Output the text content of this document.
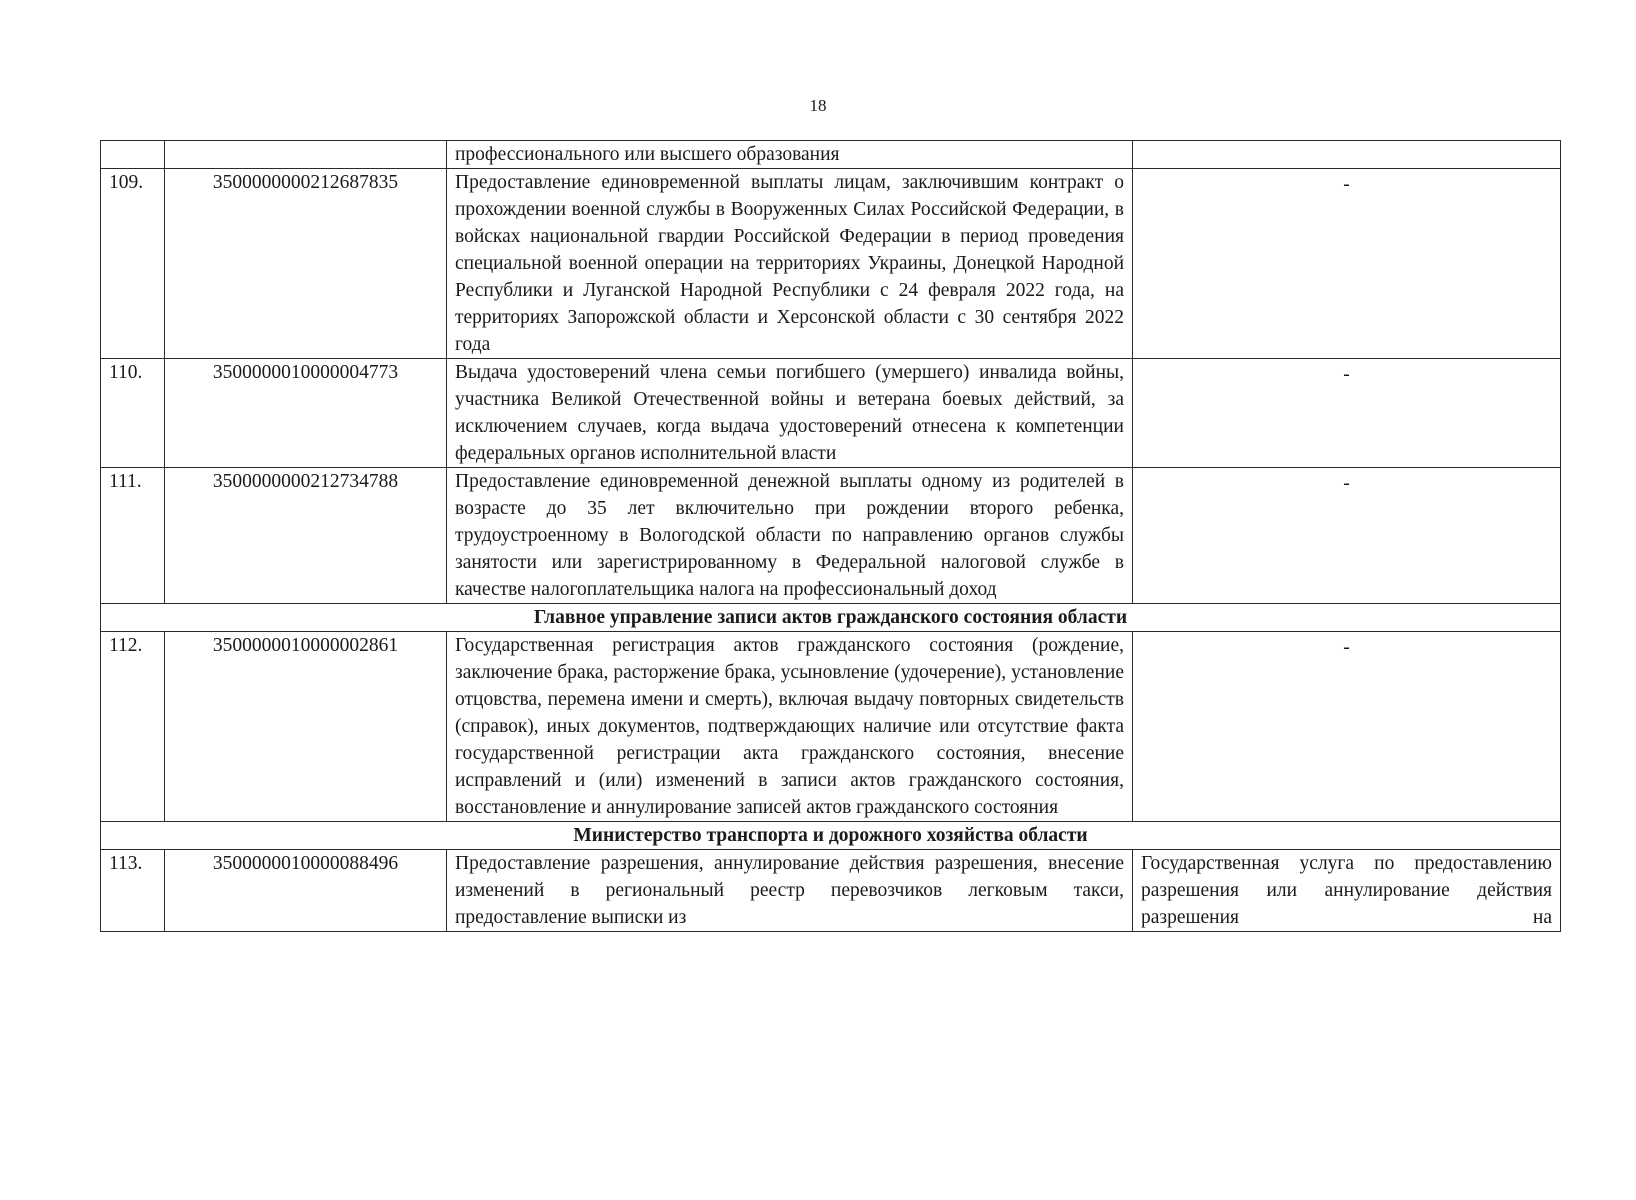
18
		профессионального или высшего образования	
109.	3500000000212687835	Предоставление единовременной выплаты лицам, заключившим контракт о прохождении военной службы в Вооруженных Силах Российской Федерации, в войсках национальной гвардии Российской Федерации в период проведения специальной военной операции на территориях Украины, Донецкой Народной Республики и Луганской Народной Республики с 24 февраля 2022 года, на территориях Запорожской области и Херсонской области с 30 сентября 2022 года	-
110.	3500000010000004773	Выдача удостоверений члена семьи погибшего (умершего) инвалида войны, участника Великой Отечественной войны и ветерана боевых действий, за исключением случаев, когда выдача удостоверений отнесена к компетенции федеральных органов исполнительной власти	-
111.	3500000000212734788	Предоставление единовременной денежной выплаты одному из родителей в возрасте до 35 лет включительно при рождении второго ребенка, трудоустроенному в Вологодской области по направлению органов службы занятости или зарегистрированному в Федеральной налоговой службе в качестве налогоплательщика налога на профессиональный доход	-
Главное управление записи актов гражданского состояния области			
112.	3500000010000002861	Государственная регистрация актов гражданского состояния (рождение, заключение брака, расторжение брака, усыновление (удочерение), установление отцовства, перемена имени и смерть), включая выдачу повторных свидетельств (справок), иных документов, подтверждающих наличие или отсутствие факта государственной регистрации акта гражданского состояния, внесение исправлений и (или) изменений в записи актов гражданского состояния, восстановление и аннулирование записей актов гражданского состояния	-
Министерство транспорта и дорожного хозяйства области			
113.	3500000010000088496	Предоставление разрешения, аннулирование действия разрешения, внесение изменений в региональный реестр перевозчиков легковым такси, предоставление выписки из	Государственная услуга по предоставлению разрешения или аннулирование действия разрешения на
